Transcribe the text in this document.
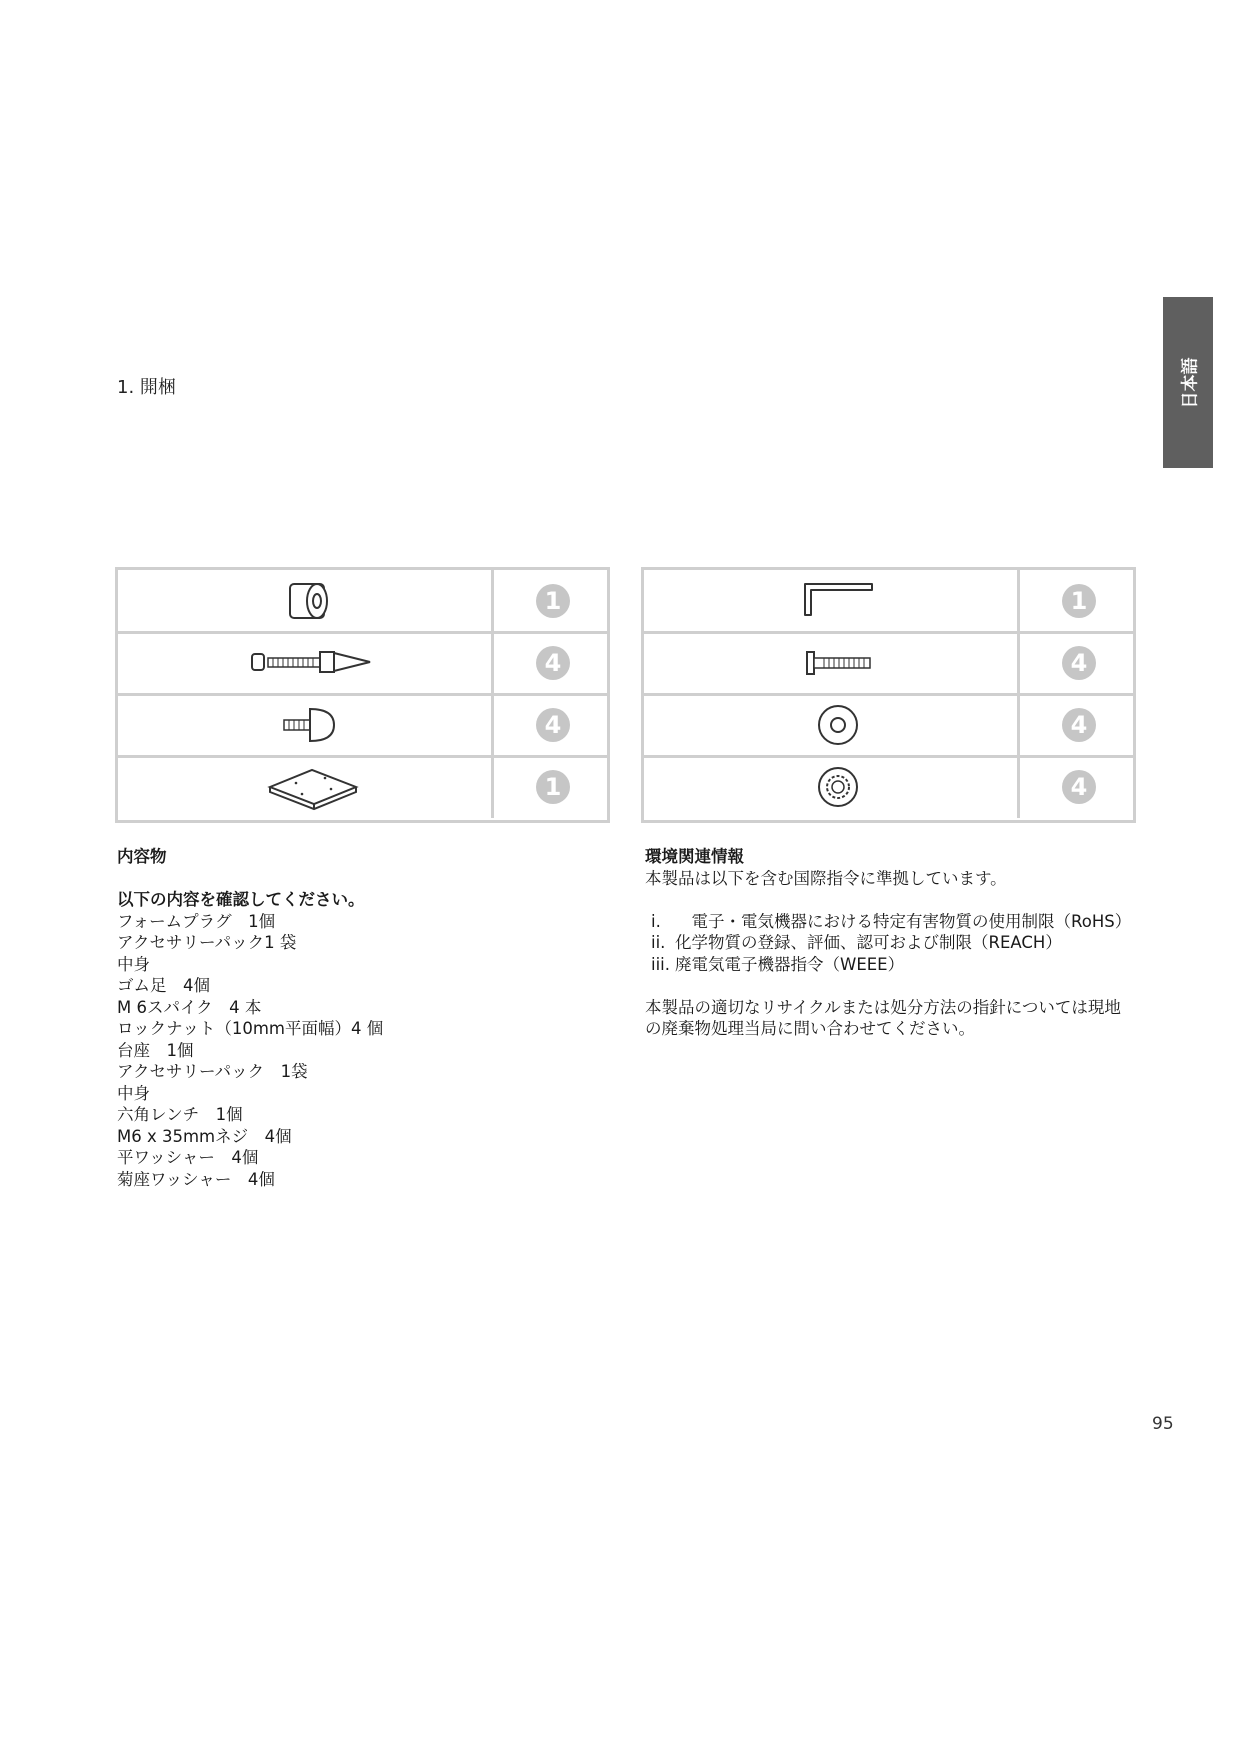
日本語
1. 開梱
1
4
4
1
1
4
4
4
内容物
以下の内容を確認してください。
フォームプラグ　1個
アクセサリーパック1 袋
中身
ゴム足　4個
M 6スパイク　4 本
ロックナット（10mm平面幅）4 個
台座　1個
アクセサリーパック　1袋
中身
六角レンチ　1個
M6 x 35mmネジ　4個
平ワッシャー　4個
菊座ワッシャー　4個
環境関連情報
本製品は以下を含む国際指令に準拠しています。
i. 　電子・電気機器における特定有害物質の使用制限（RoHS）
ii. 化学物質の登録、評価、認可および制限（REACH）
iii. 廃電気電子機器指令（WEEE）
本製品の適切なリサイクルまたは処分方法の指針については現地
の廃棄物処理当局に問い合わせてください。
95
